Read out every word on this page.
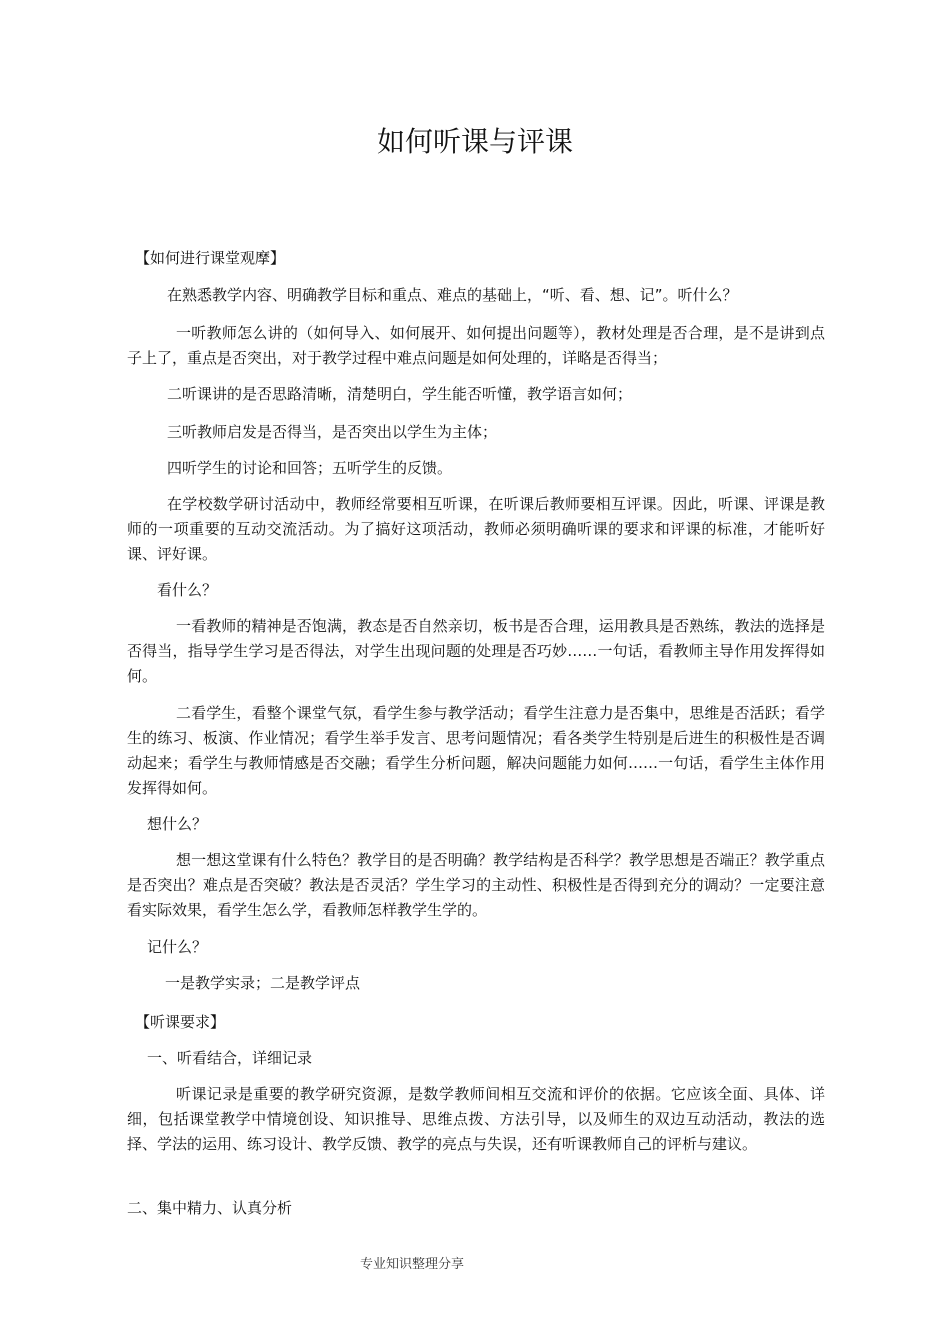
如何听课与评课
【如何进行课堂观摩】
在熟悉教学内容、明确教学目标和重点、难点的基础上，“听、看、想、记”。听什么？
一听教师怎么讲的（如何导入、如何展开、如何提出问题等），教材处理是否合理，是不是讲到点子上了，重点是否突出，对于教学过程中难点问题是如何处理的，详略是否得当；
二听课讲的是否思路清晰，清楚明白，学生能否听懂，教学语言如何；
三听教师启发是否得当，是否突出以学生为主体；
四听学生的讨论和回答；五听学生的反馈。
在学校数学研讨活动中，教师经常要相互听课，在听课后教师要相互评课。因此，听课、评课是教师的一项重要的互动交流活动。为了搞好这项活动，教师必须明确听课的要求和评课的标准，才能听好课、评好课。
看什么？
一看教师的精神是否饱满，教态是否自然亲切，板书是否合理，运用教具是否熟练，教法的选择是否得当，指导学生学习是否得法，对学生出现问题的处理是否巧妙……一句话，看教师主导作用发挥得如何。
二看学生，看整个课堂气氛，看学生参与教学活动；看学生注意力是否集中，思维是否活跃；看学生的练习、板演、作业情况；看学生举手发言、思考问题情况；看各类学生特别是后进生的积极性是否调动起来；看学生与教师情感是否交融；看学生分析问题，解决问题能力如何……一句话，看学生主体作用发挥得如何。
想什么？
想一想这堂课有什么特色？教学目的是否明确？教学结构是否科学？教学思想是否端正？教学重点是否突出？难点是否突破？教法是否灵活？学生学习的主动性、积极性是否得到充分的调动？一定要注意看实际效果，看学生怎么学，看教师怎样教学生学的。
记什么？
一是教学实录；二是教学评点
【听课要求】
一、听看结合，详细记录
听课记录是重要的教学研究资源，是数学教师间相互交流和评价的依据。它应该全面、具体、详细，包括课堂教学中情境创设、知识推导、思维点拨、方法引导，以及师生的双边互动活动，教法的选择、学法的运用、练习设计、教学反馈、教学的亮点与失误，还有听课教师自己的评析与建议。
二、集中精力、认真分析
专业知识整理分享
